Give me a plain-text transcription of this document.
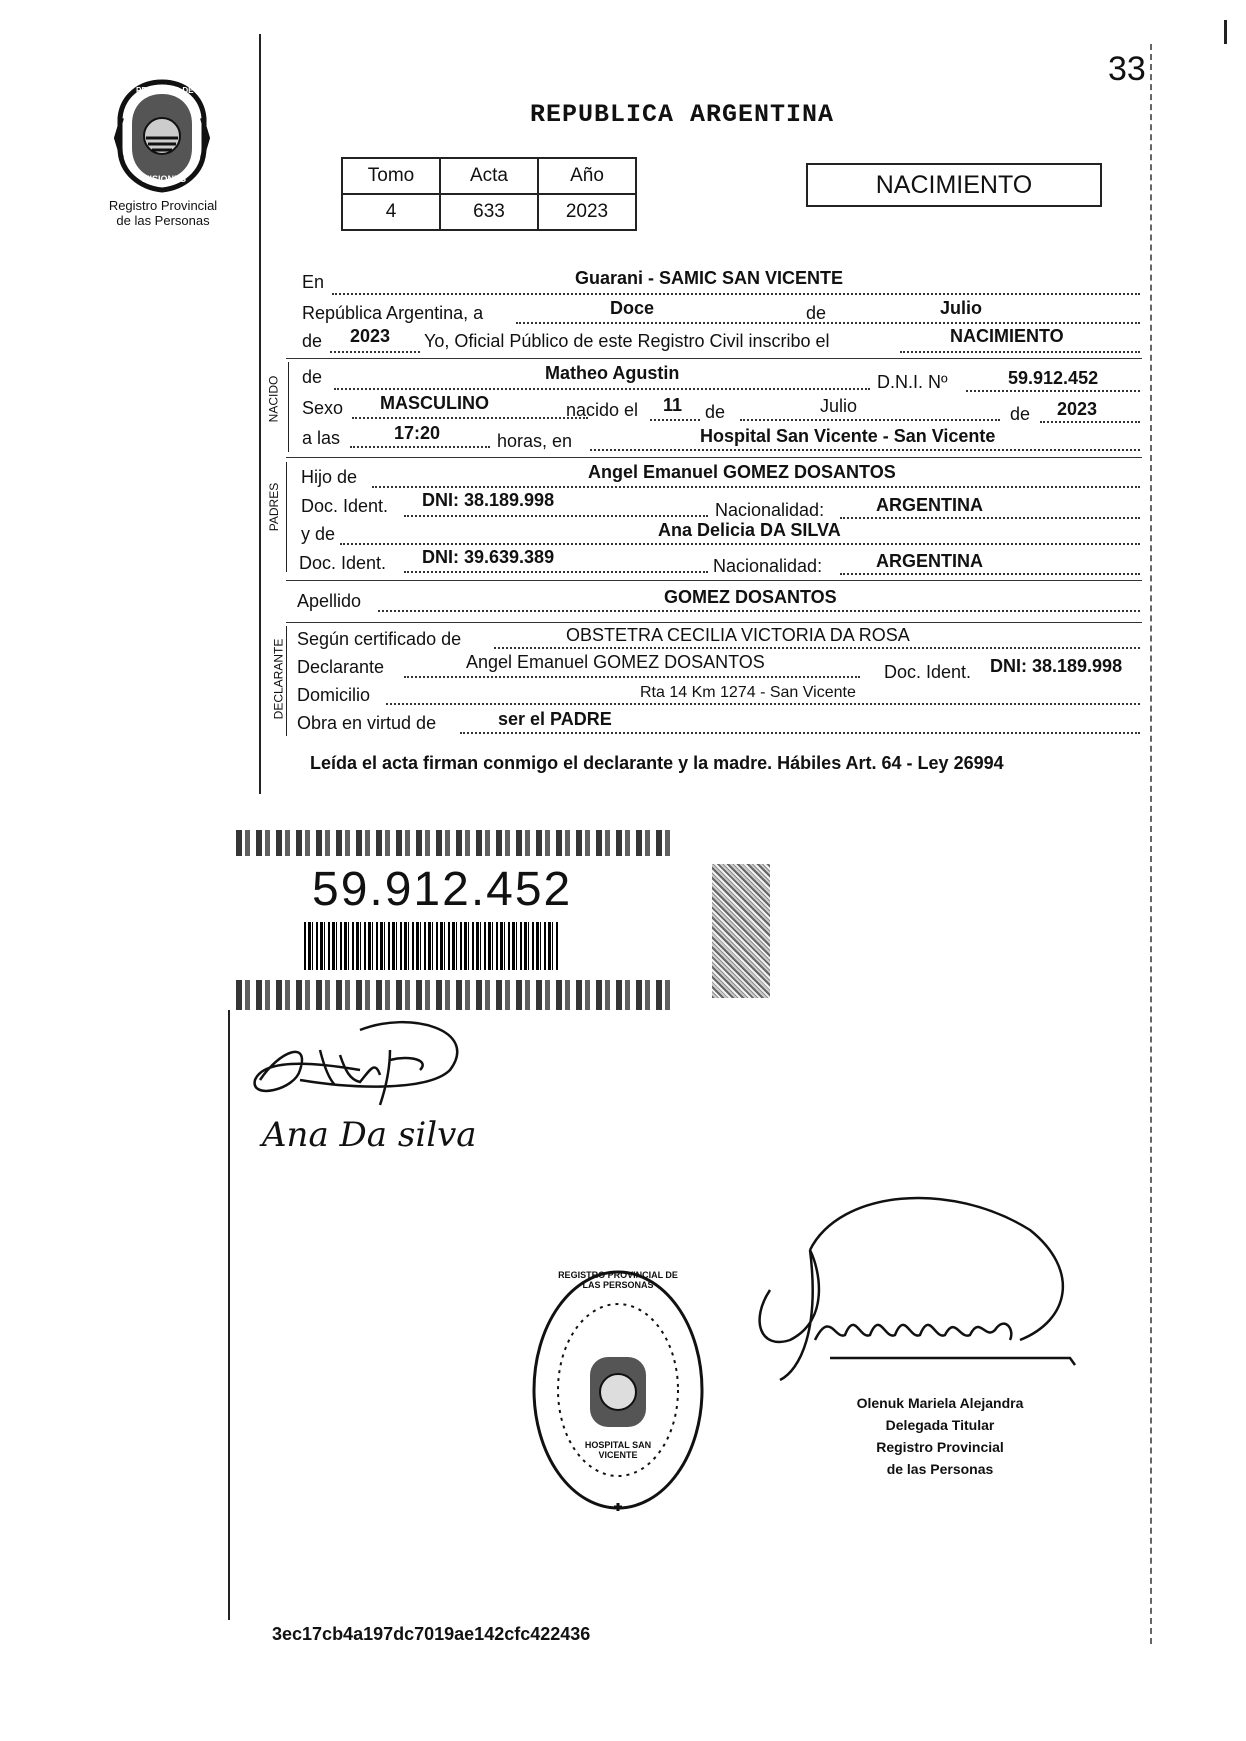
33
PROVINCIA DE
MISIONES
Registro Provincial
de las Personas
REPUBLICA ARGENTINA
Tomo	Acta	Año
4	633	2023
NACIMIENTO
En	Guarani - SAMIC SAN VICENTE
República Argentina, a	Doce	de	Julio
de 2023 Yo, Oficial Público de este Registro Civil inscribo el	NACIMIENTO
NACIDO de	Matheo Agustin	D.N.I. Nº	59.912.452
Sexo MASCULINO	nacido el 11 de	Julio	de 2023
a las	17:20	horas, en	Hospital San Vicente - San Vicente
PADRES
Hijo de	Angel Emanuel GOMEZ DOSANTOS
Doc. Ident. DNI: 38.189.998	Nacionalidad:	ARGENTINA
y de	Ana Delicia DA SILVA
Doc. Ident. DNI: 39.639.389	Nacionalidad:	ARGENTINA
Apellido	GOMEZ DOSANTOS
DECLARANTE Según certificado de	OBSTETRA CECILIA VICTORIA DA ROSA
Declarante	Angel Emanuel GOMEZ DOSANTOS	Doc. Ident. DNI: 38.189.998
Domicilio	Rta 14 Km 1274 - San Vicente
Obra en virtud de	ser el PADRE
Leída el acta firman conmigo el declarante y la madre. Hábiles Art. 64 - Ley 26994
59.912.452
Ana Da silva
REGISTRO PROVINCIAL DE LAS PERSONAS
HOSPITAL SAN VICENTE
Olenuk Mariela Alejandra
Delegada Titular
Registro Provincial
de las Personas
3ec17cb4a197dc7019ae142cfc422436
